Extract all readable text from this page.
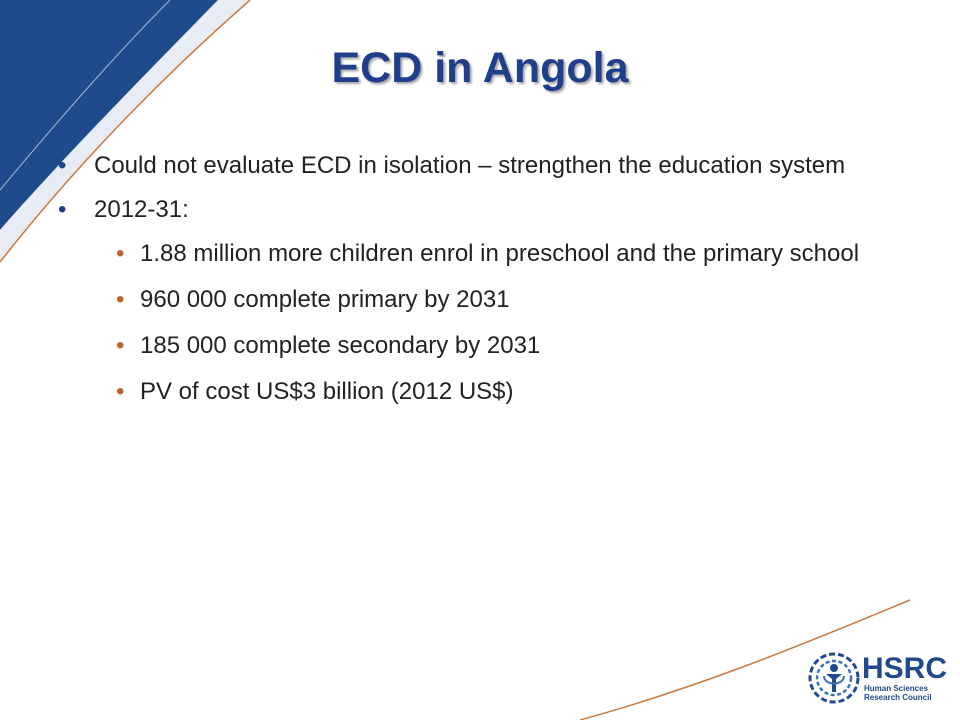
ECD in Angola
• Could not evaluate ECD in isolation – strengthen the education system
• 2012-31:
• 1.88 million more children enrol in preschool and the primary school
• 960 000 complete primary by 2031
• 185 000 complete secondary by 2031
• PV of cost US$3 billion (2012 US$)
HSRC
Human Sciences
Research Council
